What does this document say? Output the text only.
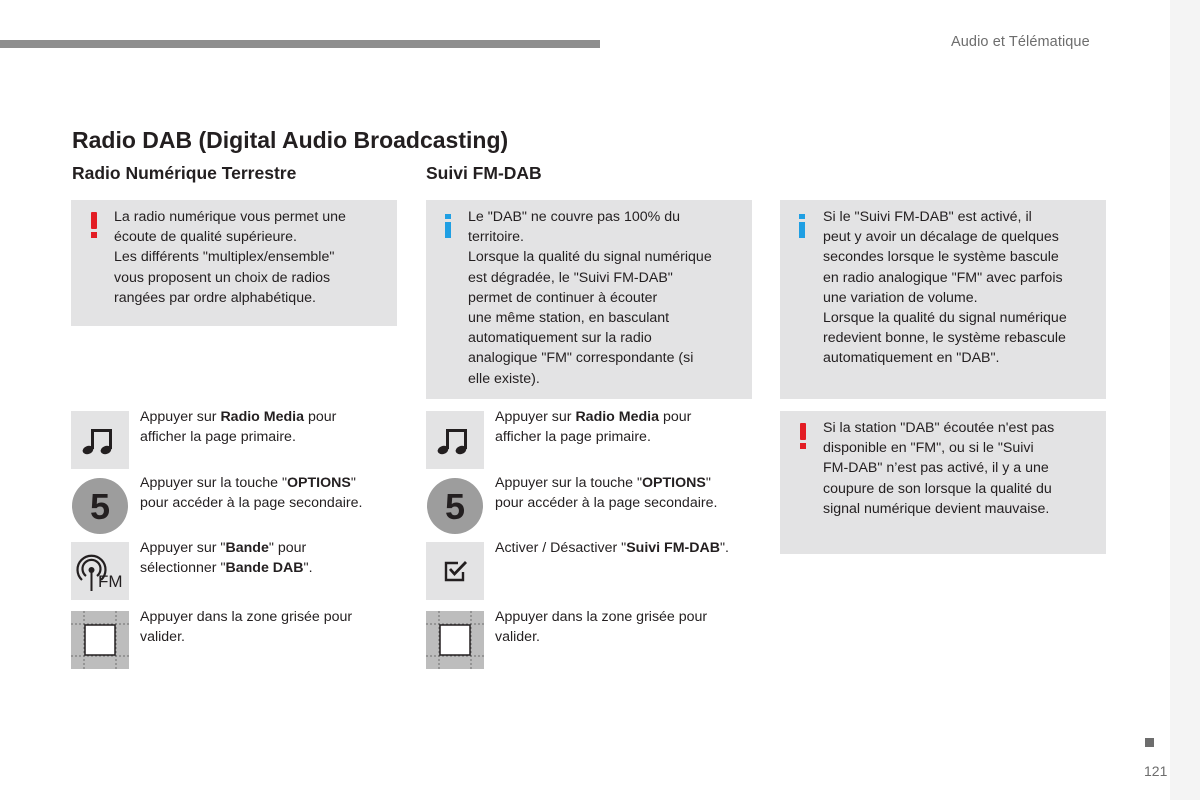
Audio et Télématique
Radio DAB (Digital Audio Broadcasting)
Radio Numérique Terrestre	Suivi FM-DAB
La radio numérique vous permet une
écoute de qualité supérieure.
Les différents "multiplex/ensemble"
vous proposent un choix de radios
rangées par ordre alphabétique.
Le "DAB" ne couvre pas 100% du
territoire.
Lorsque la qualité du signal numérique
est dégradée, le "Suivi FM-DAB"
permet de continuer à écouter
une même station, en basculant
automatiquement sur la radio
analogique "FM" correspondante (si
elle existe).
Si le "Suivi FM-DAB" est activé, il
peut y avoir un décalage de quelques
secondes lorsque le système bascule
en radio analogique "FM" avec parfois
une variation de volume.
Lorsque la qualité du signal numérique
redevient bonne, le système rebascule
automatiquement en "DAB".
Si la station "DAB" écoutée n'est pas
disponible en "FM", ou si le "Suivi
FM-DAB" n’est pas activé, il y a une
coupure de son lorsque la qualité du
signal numérique devient mauvaise.
Appuyer sur Radio Media pour
afficher la page primaire.
5
Appuyer sur la touche "OPTIONS"
pour accéder à la page secondaire.
FM
Appuyer sur "Bande" pour
sélectionner "Bande DAB".
Appuyer dans la zone grisée pour
valider.
Appuyer sur Radio Media pour
afficher la page primaire.
5
Appuyer sur la touche "OPTIONS"
pour accéder à la page secondaire.
Activer / Désactiver "Suivi FM-DAB".
Appuyer dans la zone grisée pour
valider.
121
